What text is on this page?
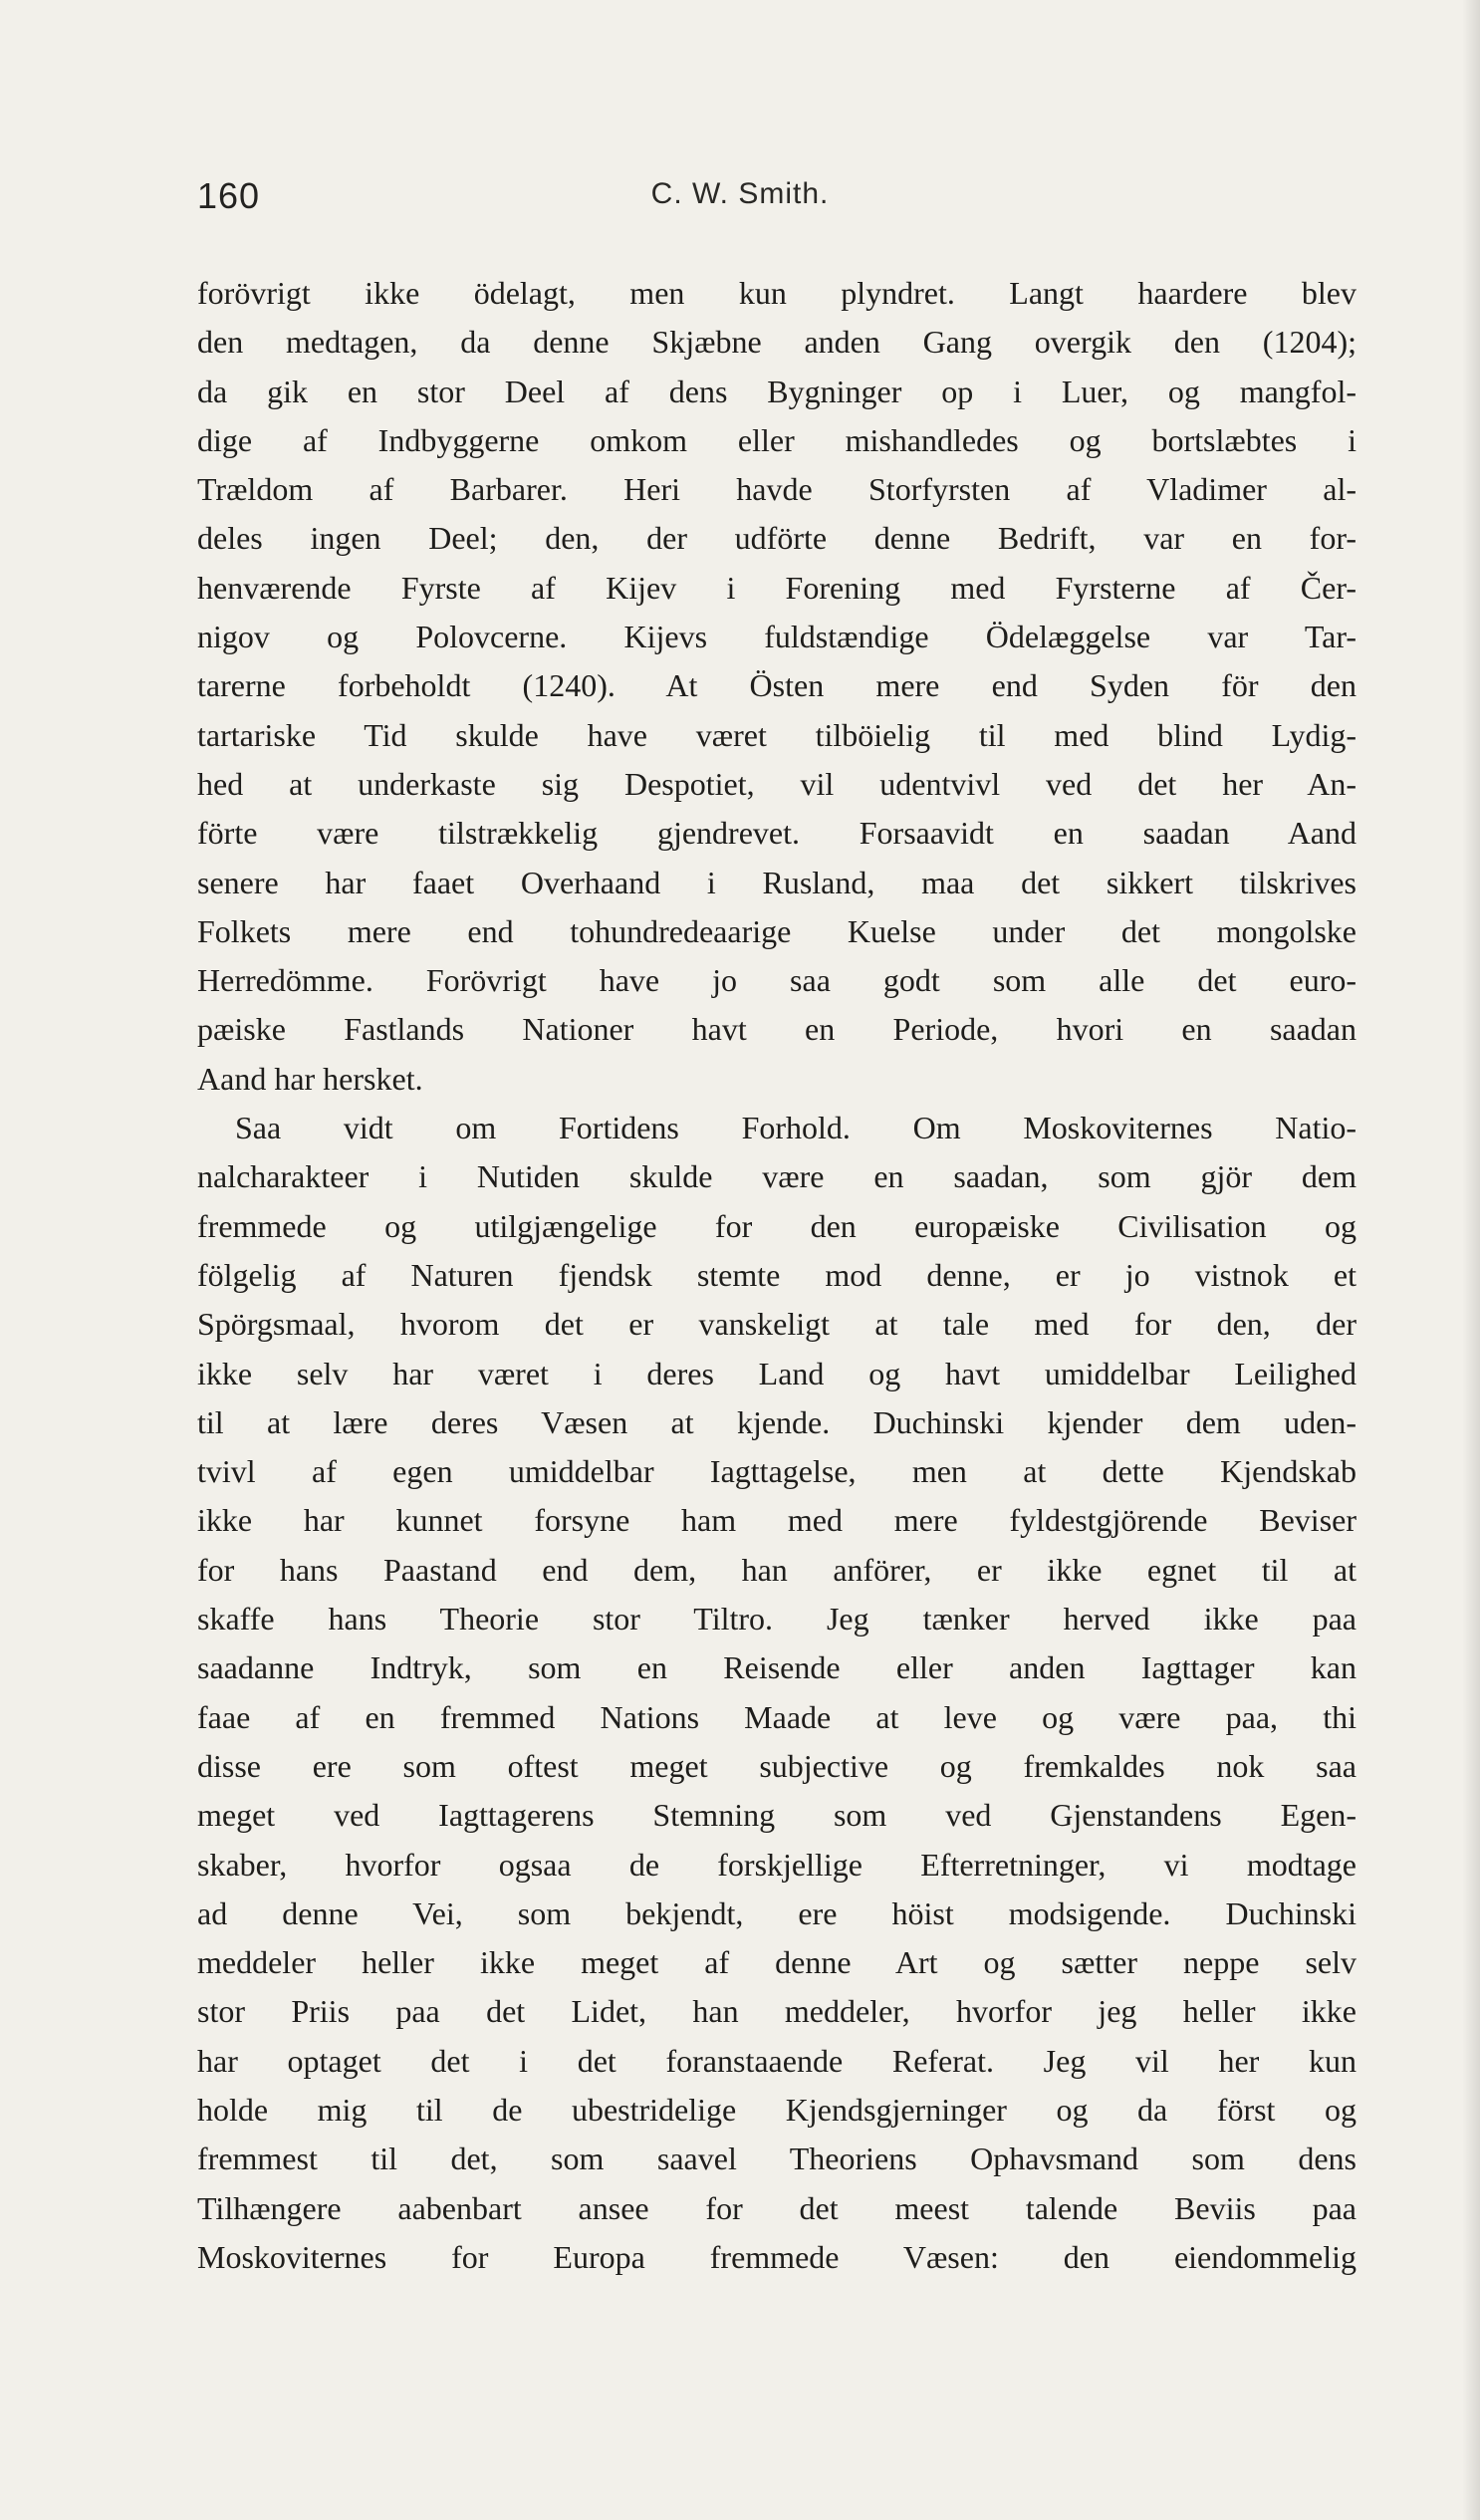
160	C. W. Smith.
forövrigt ikke ödelagt, men kun plyndret. Langt haardere blev
den medtagen, da denne Skjæbne anden Gang overgik den (1204);
da gik en stor Deel af dens Bygninger op i Luer, og mangfol-
dige af Indbyggerne omkom eller mishandledes og bortslæbtes i
Trældom af Barbarer. Heri havde Storfyrsten af Vladimer al-
deles ingen Deel; den, der udförte denne Bedrift, var en for-
henværende Fyrste af Kijev i Forening med Fyrsterne af Čer-
nigov og Polovcerne. Kijevs fuldstændige Ödelæggelse var Tar-
tarerne forbeholdt (1240). At Östen mere end Syden för den
tartariske Tid skulde have været tilböielig til med blind Lydig-
hed at underkaste sig Despotiet, vil udentvivl ved det her An-
förte være tilstrækkelig gjendrevet. Forsaavidt en saadan Aand
senere har faaet Overhaand i Rusland, maa det sikkert tilskrives
Folkets mere end tohundredeaarige Kuelse under det mongolske
Herredömme. Forövrigt have jo saa godt som alle det euro-
pæiske Fastlands Nationer havt en Periode, hvori en saadan
Aand har hersket.
Saa vidt om Fortidens Forhold. Om Moskoviternes Natio-
nalcharakteer i Nutiden skulde være en saadan, som gjör dem
fremmede og utilgjængelige for den europæiske Civilisation og
fölgelig af Naturen fjendsk stemte mod denne, er jo vistnok et
Spörgsmaal, hvorom det er vanskeligt at tale med for den, der
ikke selv har været i deres Land og havt umiddelbar Leilighed
til at lære deres Væsen at kjende. Duchinski kjender dem uden-
tvivl af egen umiddelbar Iagttagelse, men at dette Kjendskab
ikke har kunnet forsyne ham med mere fyldestgjörende Beviser
for hans Paastand end dem, han anförer, er ikke egnet til at
skaffe hans Theorie stor Tiltro. Jeg tænker herved ikke paa
saadanne Indtryk, som en Reisende eller anden Iagttager kan
faae af en fremmed Nations Maade at leve og være paa, thi
disse ere som oftest meget subjective og fremkaldes nok saa
meget ved Iagttagerens Stemning som ved Gjenstandens Egen-
skaber, hvorfor ogsaa de forskjellige Efterretninger, vi modtage
ad denne Vei, som bekjendt, ere höist modsigende. Duchinski
meddeler heller ikke meget af denne Art og sætter neppe selv
stor Priis paa det Lidet, han meddeler, hvorfor jeg heller ikke
har optaget det i det foranstaaende Referat. Jeg vil her kun
holde mig til de ubestridelige Kjendsgjerninger og da först og
fremmest til det, som saavel Theoriens Ophavsmand som dens
Tilhængere aabenbart ansee for det meest talende Beviis paa
Moskoviternes for Europa fremmede Væsen: den eiendommelig
